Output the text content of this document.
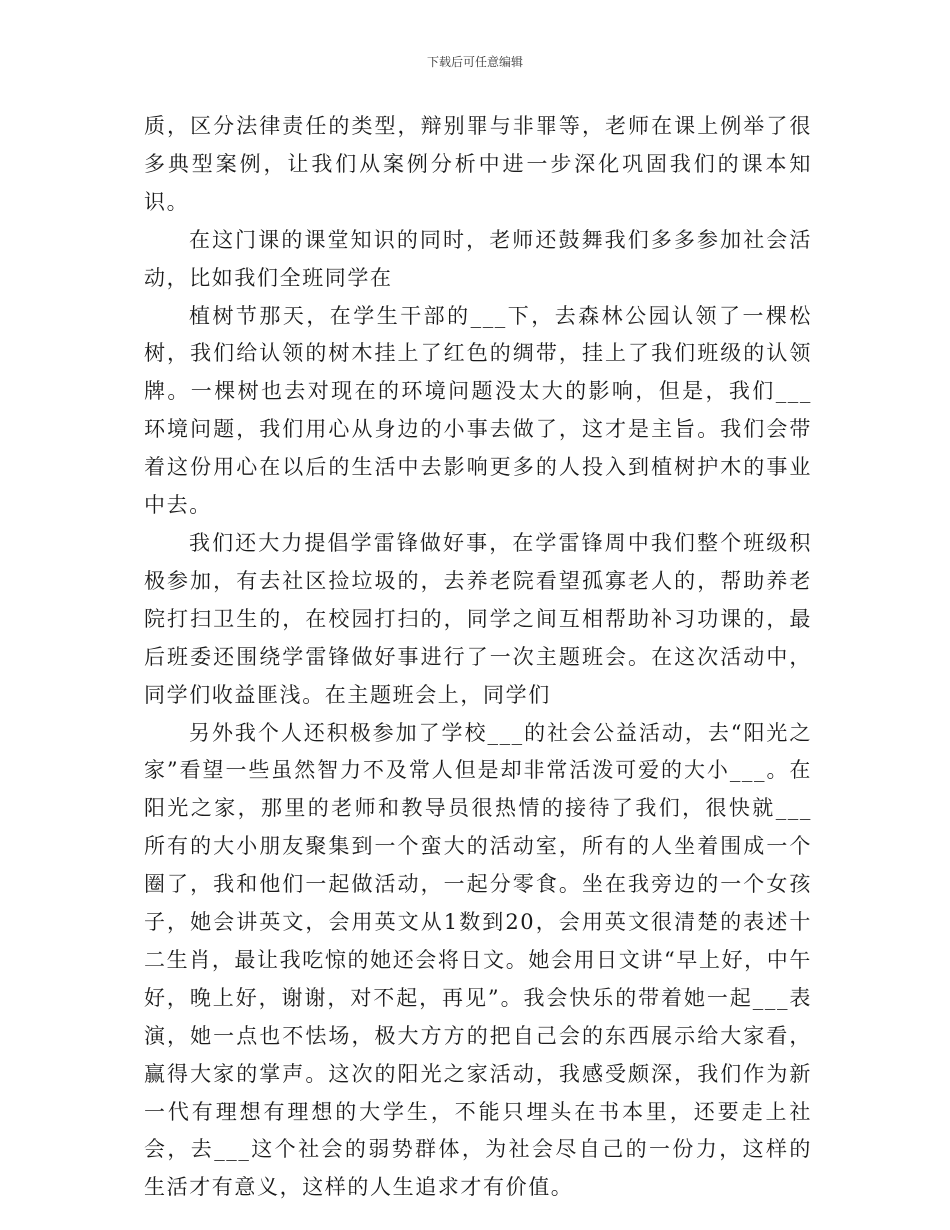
下载后可任意编辑

质，区分法律责任的类型，辩别罪与非罪等，老师在课上例举了很多典型案例，让我们从案例分析中进一步深化巩固我们的课本知识。

在这门课的课堂知识的同时，老师还鼓舞我们多多参加社会活动，比如我们全班同学在

植树节那天，在学生干部的___下，去森林公园认领了一棵松树，我们给认领的树木挂上了红色的绸带，挂上了我们班级的认领牌。一棵树也去对现在的环境问题没太大的影响，但是，我们___环境问题，我们用心从身边的小事去做了，这才是主旨。我们会带着这份用心在以后的生活中去影响更多的人投入到植树护木的事业中去。

我们还大力提倡学雷锋做好事，在学雷锋周中我们整个班级积极参加，有去社区捡垃圾的，去养老院看望孤寡老人的，帮助养老院打扫卫生的，在校园打扫的，同学之间互相帮助补习功课的，最后班委还围绕学雷锋做好事进行了一次主题班会。在这次活动中，同学们收益匪浅。在主题班会上，同学们

另外我个人还积极参加了学校___的社会公益活动，去“阳光之家”看望一些虽然智力不及常人但是却非常活泼可爱的大小___。在阳光之家，那里的老师和教导员很热情的接待了我们，很快就___所有的大小朋友聚集到一个蛮大的活动室，所有的人坐着围成一个圈了，我和他们一起做活动，一起分零食。坐在我旁边的一个女孩子，她会讲英文，会用英文从1数到20，会用英文很清楚的表述十二生肖，最让我吃惊的她还会将日文。她会用日文讲“早上好，中午好，晚上好，谢谢，对不起，再见”。我会快乐的带着她一起___表演，她一点也不怯场，极大方方的把自己会的东西展示给大家看，赢得大家的掌声。这次的阳光之家活动，我感受颇深，我们作为新一代有理想有理想的大学生，不能只埋头在书本里，还要走上社会，去___这个社会的弱势群体，为社会尽自己的一份力，这样的生活才有意义，这样的人生追求才有价值。
